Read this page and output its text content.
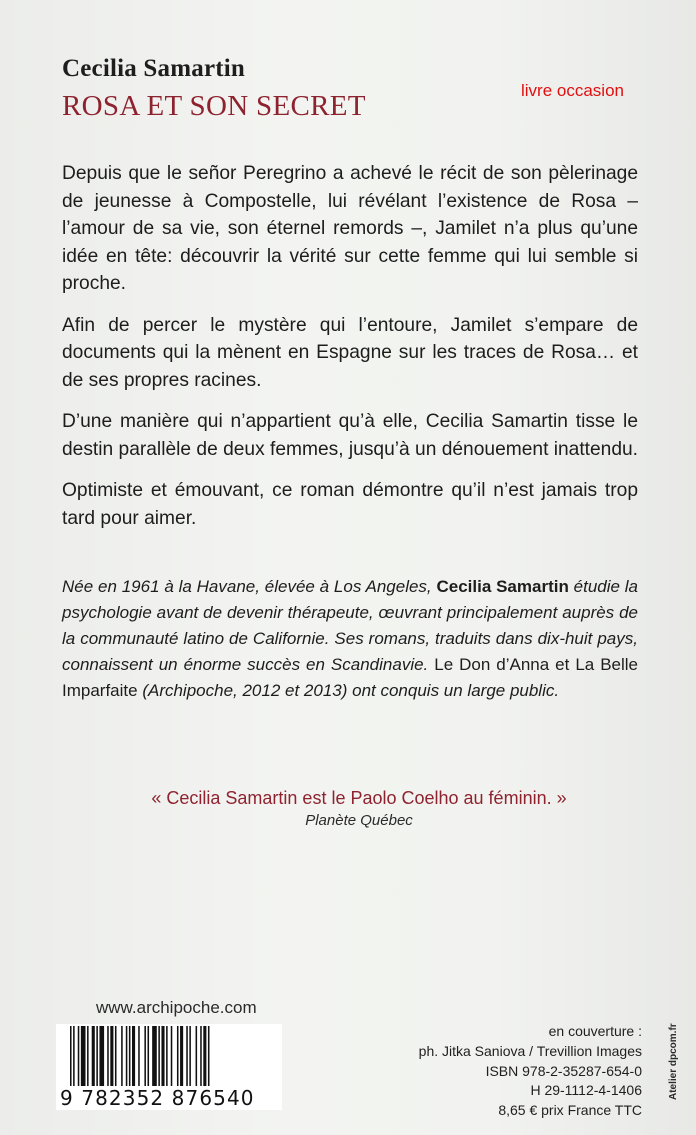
Cecilia Samartin
ROSA ET SON SECRET	livre occasion

Depuis que le señor Peregrino a achevé le récit de son pèlerinage de jeunesse à Compostelle, lui révélant l’existence de Rosa – l’amour de sa vie, son éternel remords –, Jamilet n’a plus qu’une idée en tête: découvrir la vérité sur cette femme qui lui semble si proche.

Afin de percer le mystère qui l’entoure, Jamilet s’empare de documents qui la mènent en Espagne sur les traces de Rosa… et de ses propres racines.

D’une manière qui n’appartient qu’à elle, Cecilia Samartin tisse le destin parallèle de deux femmes, jusqu’à un dénouement inattendu.

Optimiste et émouvant, ce roman démontre qu’il n’est jamais trop tard pour aimer.

Née en 1961 à la Havane, élevée à Los Angeles, Cecilia Samartin étudie la psychologie avant de devenir thérapeute, œuvrant principalement auprès de la communauté latino de Californie. Ses romans, traduits dans dix-huit pays, connaissent un énorme succès en Scandinavie. Le Don d’Anna et La Belle Imparfaite (Archipoche, 2012 et 2013) ont conquis un large public.

« Cecilia Samartin est le Paolo Coelho au féminin. »
Planète Québec
www.archipoche.com
9 782352 876540
en couverture :
ph. Jitka Saniova / Trevillion Images
ISBN 978-2-35287-654-0
H 29-1112-4-1406
8,65 € prix France TTC
Atelier dpcom.fr
